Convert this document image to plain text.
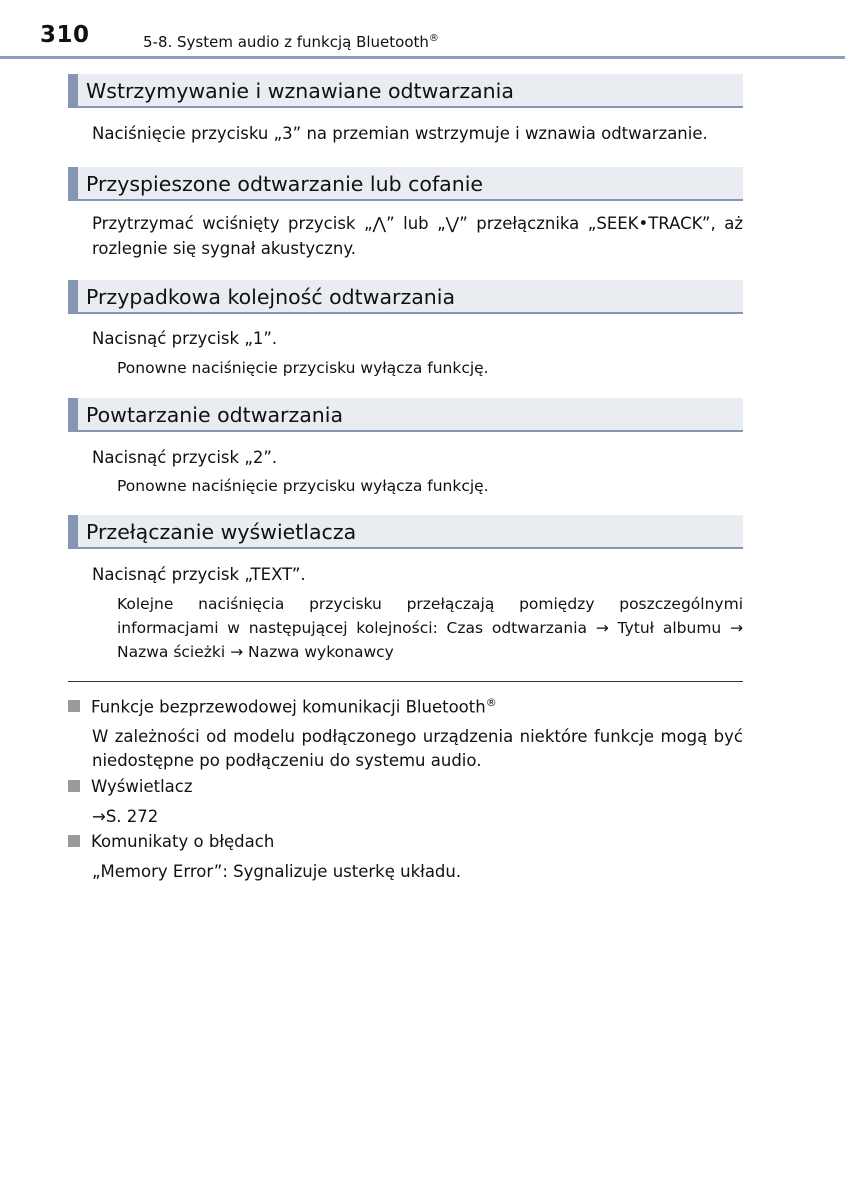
310	5-8. System audio z funkcją Bluetooth®
Wstrzymywanie i wznawiane odtwarzania
Naciśnięcie przycisku „3” na przemian wstrzymuje i wznawia odtwarzanie.
Przyspieszone odtwarzanie lub cofanie
Przytrzymać wciśnięty przycisk „⋀” lub „⋁” przełącznika „SEEK•TRACK”, aż rozlegnie się sygnał akustyczny.
Przypadkowa kolejność odtwarzania
Nacisnąć przycisk „1”.
Ponowne naciśnięcie przycisku wyłącza funkcję.
Powtarzanie odtwarzania
Nacisnąć przycisk „2”.
Ponowne naciśnięcie przycisku wyłącza funkcję.
Przełączanie wyświetlacza
Nacisnąć przycisk „TEXT”.
Kolejne naciśnięcia przycisku przełączają pomiędzy poszczególnymi informacjami w następującej kolejności: Czas odtwarzania → Tytuł albumu → Nazwa ścieżki → Nazwa wykonawcy
Funkcje bezprzewodowej komunikacji Bluetooth®
W zależności od modelu podłączonego urządzenia niektóre funkcje mogą być niedostępne po podłączeniu do systemu audio.
Wyświetlacz
→S. 272
Komunikaty o błędach
„Memory Error”: Sygnalizuje usterkę układu.
